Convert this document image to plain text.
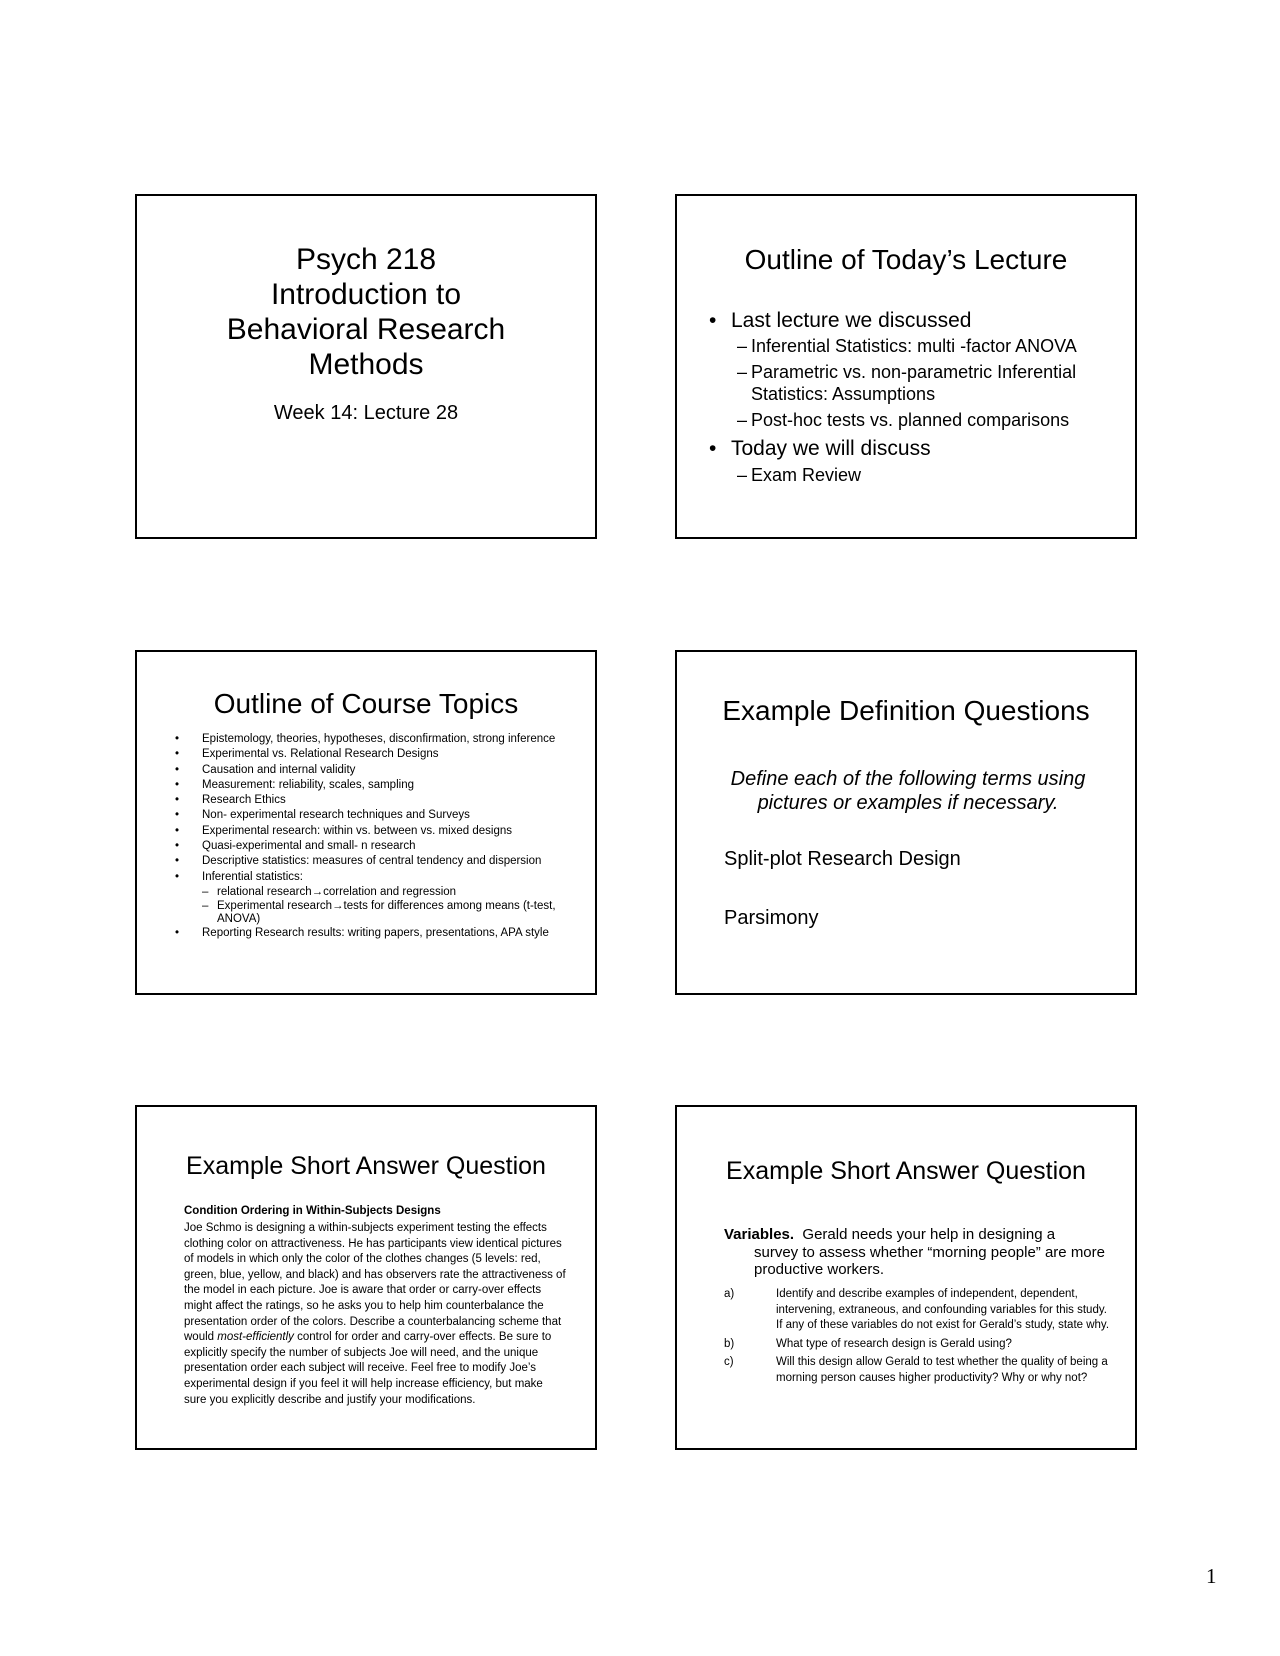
Psych 218
Introduction to
Behavioral Research
Methods
Week 14: Lecture 28
Outline of Today’s Lecture
• Last lecture we discussed
– Inferential Statistics: multi -factor ANOVA
– Parametric vs. non-parametric Inferential
Statistics: Assumptions
– Post-hoc tests vs. planned comparisons
• Today we will discuss
– Exam Review
Outline of Course Topics
• Epistemology, theories, hypotheses, disconfirmation, strong inference
• Experimental vs. Relational Research Designs
• Causation and internal validity
• Measurement: reliability, scales, sampling
• Research Ethics
• Non- experimental research techniques and Surveys
• Experimental research: within vs. between vs. mixed designs
• Quasi-experimental and small- n research
• Descriptive statistics: measures of central tendency and dispersion
• Inferential statistics:
– relational research→correlation and regression
– Experimental research→tests for differences among means (t-test, ANOVA)
• Reporting Research results: writing papers, presentations, APA style
Example Definition Questions
Define each of the following terms using
pictures or examples if necessary.
Split-plot Research Design
Parsimony
Example Short Answer Question
Condition Ordering in Within-Subjects Designs
Joe Schmo is designing a within-subjects experiment testing the effects clothing color on attractiveness. He has participants view identical pictures of models in which only the color of the clothes changes (5 levels: red, green, blue, yellow, and black) and has observers rate the attractiveness of the model in each picture. Joe is aware that order or carry-over effects might affect the ratings, so he asks you to help him counterbalance the presentation order of the colors. Describe a counterbalancing scheme that would most-efficiently control for order and carry-over effects. Be sure to explicitly specify the number of subjects Joe will need, and the unique presentation order each subject will receive. Feel free to modify Joe’s experimental design if you feel it will help increase efficiency, but make sure you explicitly describe and justify your modifications.
Example Short Answer Question
Variables. Gerald needs your help in designing a
survey to assess whether “morning people” are more productive workers.
a)	Identify and describe examples of independent, dependent, intervening, extraneous, and confounding variables for this study. If any of these variables do not exist for Gerald’s study, state why.
b)	What type of research design is Gerald using?
c)	Will this design allow Gerald to test whether the quality of being a morning person causes higher productivity? Why or why not?
1
